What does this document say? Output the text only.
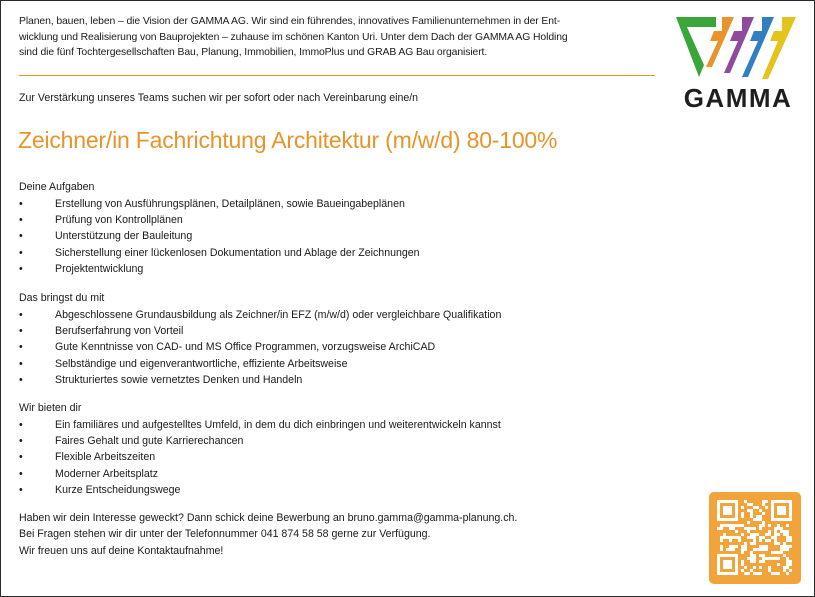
Planen, bauen, leben – die Vision der GAMMA AG. Wir sind ein führendes, innovatives Familienunternehmen in der Ent-

wicklung und Realisierung von Bauprojekten – zuhause im schönen Kanton Uri. Unter dem Dach der GAMMA AG Holding

sind die fünf Tochtergesellschaften Bau, Planung, Immobilien, ImmoPlus und GRAB AG Bau organisiert.

Zur Verstärkung unseres Teams suchen wir per sofort oder nach Vereinbarung eine/n
Zeichner/in Fachrichtung Architektur (m/w/d) 80-100%
Deine Aufgaben
•	Erstellung von Ausführungsplänen, Detailplänen, sowie Baueingabeplänen
•	Prüfung von Kontrollplänen
•	Unterstützung der Bauleitung
•	Sicherstellung einer lückenlosen Dokumentation und Ablage der Zeichnungen
•	Projektentwicklung
Das bringst du mit
•	Abgeschlossene Grundausbildung als Zeichner/in EFZ (m/w/d) oder vergleichbare Qualifikation
•	Berufserfahrung von Vorteil
•	Gute Kenntnisse von CAD- und MS Office Programmen, vorzugsweise ArchiCAD
•	Selbständige und eigenverantwortliche, effiziente Arbeitsweise
•	Strukturiertes sowie vernetztes Denken und Handeln
Wir bieten dir
•	Ein familiäres und aufgestelltes Umfeld, in dem du dich einbringen und weiterentwickeln kannst
•	Faires Gehalt und gute Karrierechancen
•	Flexible Arbeitszeiten
•	Moderner Arbeitsplatz
•	Kurze Entscheidungswege

Haben wir dein Interesse geweckt? Dann schick deine Bewerbung an bruno.gamma@gamma-planung.ch.

Bei Fragen stehen wir dir unter der Telefonnummer 041 874 58 58 gerne zur Verfügung.

Wir freuen uns auf deine Kontaktaufnahme!

GAMMA
